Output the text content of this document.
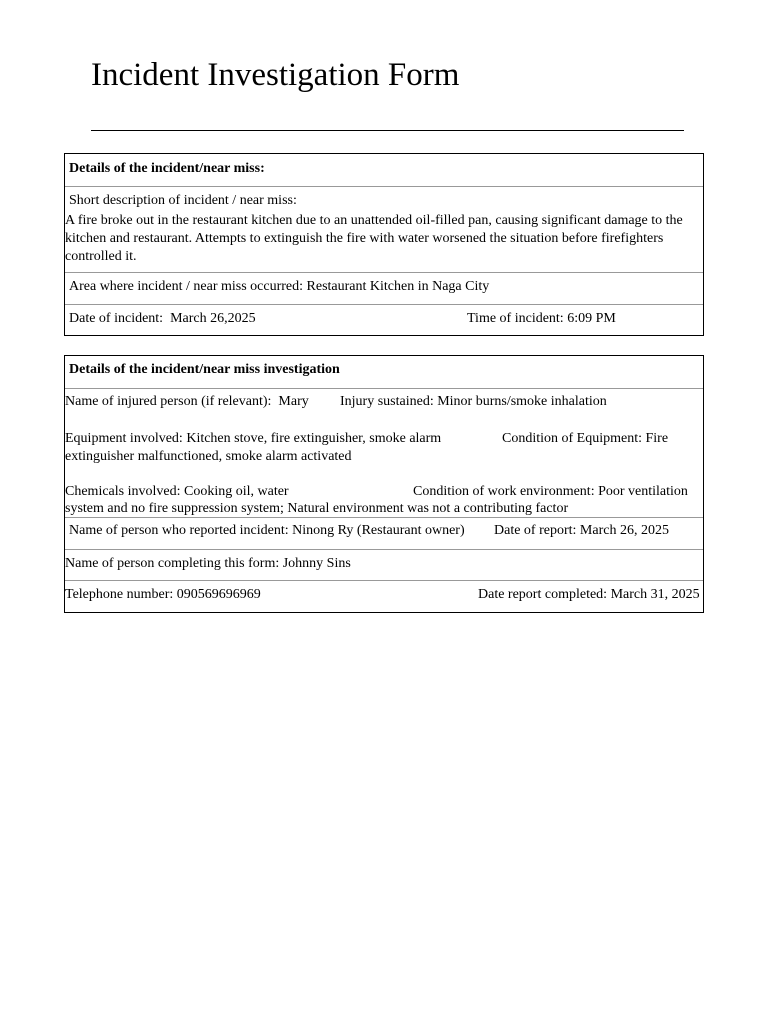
Incident Investigation Form
Details of the incident/near miss:
Short description of incident / near miss:
A fire broke out in the restaurant kitchen due to an unattended oil-filled pan, causing significant damage to the kitchen and restaurant. Attempts to extinguish the fire with water worsened the situation before firefighters controlled it.
Area where incident / near miss occurred: Restaurant Kitchen in Naga City
Date of incident: March 26,2025	Time of incident: 6:09 PM
Details of the incident/near miss investigation
Name of injured person (if relevant): Mary Injury sustained: Minor burns/smoke inhalation
Equipment involved: Kitchen stove, fire extinguisher, smoke alarm	Condition of Equipment: Fire
extinguisher malfunctioned, smoke alarm activated
Chemicals involved: Cooking oil, water	Condition of work environment: Poor ventilation
system and no fire suppression system; Natural environment was not a contributing factor
Name of person who reported incident: Ninong Ry (Restaurant owner) Date of report: March 26, 2025
Name of person completing this form: Johnny Sins
Telephone number: 090569696969	Date report completed: March 31, 2025
